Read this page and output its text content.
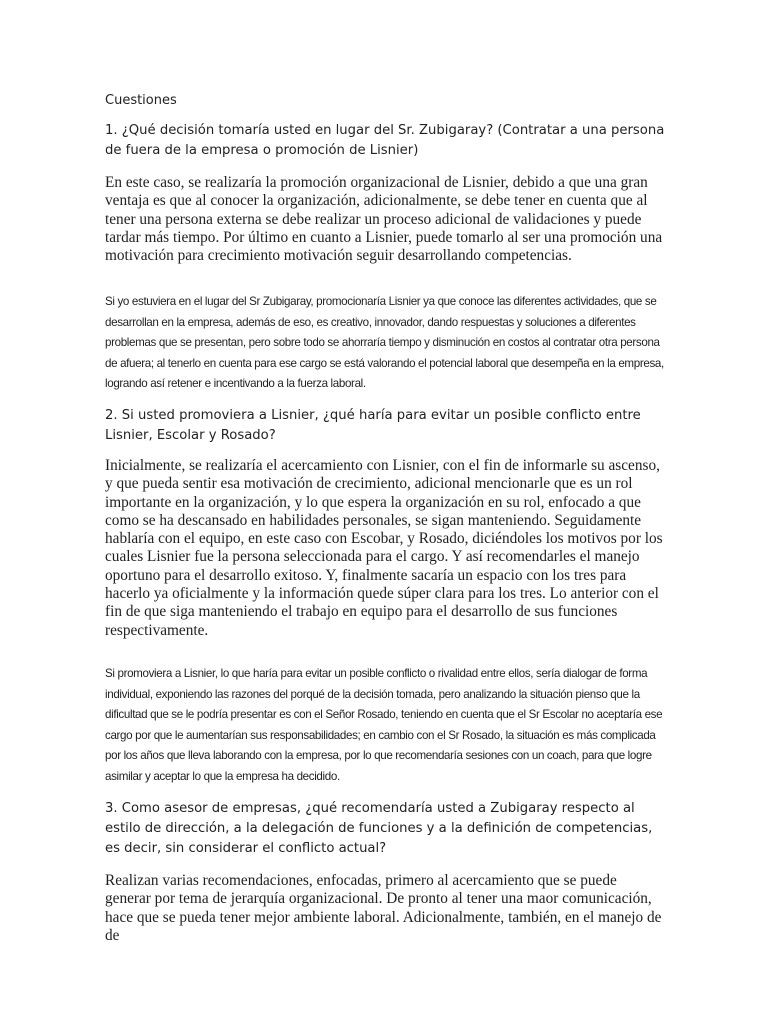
Cuestiones
1. ¿Qué decisión tomaría usted en lugar del Sr. Zubigaray? (Contratar a una persona de fuera de la empresa o promoción de Lisnier)
En este caso, se realizaría la promoción organizacional de Lisnier, debido a que una gran ventaja es que al conocer la organización, adicionalmente, se debe tener en cuenta que al tener una persona externa se debe realizar un proceso adicional de validaciones y puede tardar más tiempo. Por último en cuanto a Lisnier, puede tomarlo al ser una promoción una motivación para crecimiento motivación seguir desarrollando competencias.
Si yo estuviera en el lugar del Sr Zubigaray, promocionaría Lisnier ya que conoce las diferentes actividades, que se desarrollan en la empresa, además de eso, es creativo, innovador, dando respuestas y soluciones a diferentes problemas que se presentan, pero sobre todo se ahorraría tiempo y disminución en costos al contratar otra persona de afuera; al tenerlo en cuenta para ese cargo se está valorando el potencial laboral que desempeña en la empresa, logrando así retener e incentivando a la fuerza laboral.
2. Si usted promoviera a Lisnier, ¿qué haría para evitar un posible conflicto entre Lisnier, Escolar y Rosado?
Inicialmente, se realizaría el acercamiento con Lisnier, con el fin de informarle su ascenso, y que pueda sentir esa motivación de crecimiento, adicional mencionarle que es un rol importante en la organización, y lo que espera la organización en su rol, enfocado a que como se ha descansado en habilidades personales, se sigan manteniendo. Seguidamente hablaría con el equipo, en este caso con Escobar, y Rosado, diciéndoles los motivos por los cuales Lisnier fue la persona seleccionada para el cargo. Y así recomendarles el manejo oportuno para el desarrollo exitoso. Y, finalmente sacaría un espacio con los tres para hacerlo ya oficialmente y la información quede súper clara para los tres. Lo anterior con el fin de que siga manteniendo el trabajo en equipo para el desarrollo de sus funciones respectivamente.
Si promoviera a Lisnier, lo que haría para evitar un posible conflicto o rivalidad entre ellos, sería dialogar de forma individual, exponiendo las razones del porqué de la decisión tomada, pero analizando la situación pienso que la dificultad que se le podría presentar es con el Señor Rosado, teniendo en cuenta que el Sr Escolar no aceptaría ese cargo por que le aumentarían sus responsabilidades; en cambio con el Sr Rosado, la situación es más complicada por los años que lleva laborando con la empresa, por lo que recomendaría sesiones con un coach, para que logre asimilar y aceptar lo que la empresa ha decidido.
3. Como asesor de empresas, ¿qué recomendaría usted a Zubigaray respecto al estilo de dirección, a la delegación de funciones y a la definición de competencias, es decir, sin considerar el conflicto actual?
Realizan varias recomendaciones, enfocadas, primero al acercamiento que se puede generar por tema de jerarquía organizacional. De pronto al tener una maor comunicación, hace que se pueda tener mejor ambiente laboral. Adicionalmente, también, en el manejo de de
